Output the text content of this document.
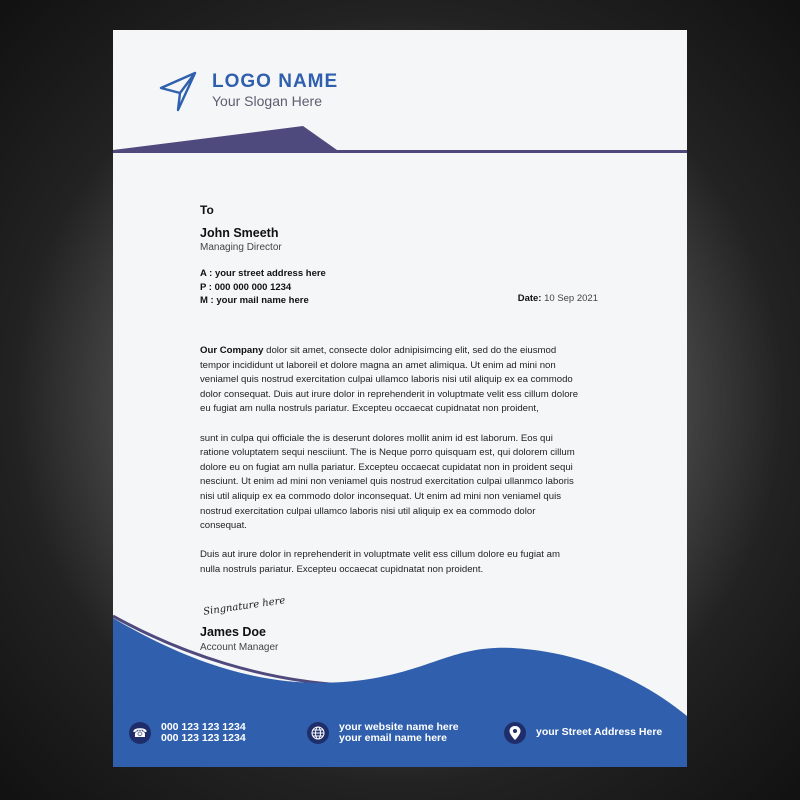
LOGO NAME
Your Slogan Here
To
John Smeeth
Managing Director
A : your street address here
P : 000 000 000 1234
M : your mail name here	Date: 10 Sep 2021
Our Company dolor sit amet, consecte dolor adnipisimcing elit, sed do the eiusmod
tempor incididunt ut laboreil et dolore magna an amet alimiqua. Ut enim ad mini non
veniamel quis nostrud exercitation culpai ullamco laboris nisi util aliquip ex ea commodo
dolor consequat. Duis aut irure dolor in reprehenderit in voluptmate velit ess cillum dolore
eu fugiat am nulla nostruls pariatur. Excepteu occaecat cupidnatat non proident,
sunt in culpa qui officiale the is deserunt dolores mollit anim id est laborum. Eos qui
ratione voluptatem sequi nesciiunt. The is Neque porro quisquam est, qui dolorem cillum
dolore eu on fugiat am nulla pariatur. Excepteu occaecat cupidatat non in proident sequi
nesciunt. Ut enim ad mini non veniamel quis nostrud exercitation culpai ullanmco laboris
nisi util aliquip ex ea commodo dolor inconsequat. Ut enim ad mini non veniamel quis
nostrud exercitation culpai ullamco laboris nisi util aliquip ex ea commodo dolor
consequat.
Duis aut irure dolor in reprehenderit in voluptmate velit ess cillum dolore eu fugiat am
nulla nostruls pariatur. Excepteu occaecat cupidnatat non proident.
Singnature here
James Doe
Account Manager
☎ 000 123 123 1234
000 123 123 1234
your website name here
your email name here	your Street Address Here
